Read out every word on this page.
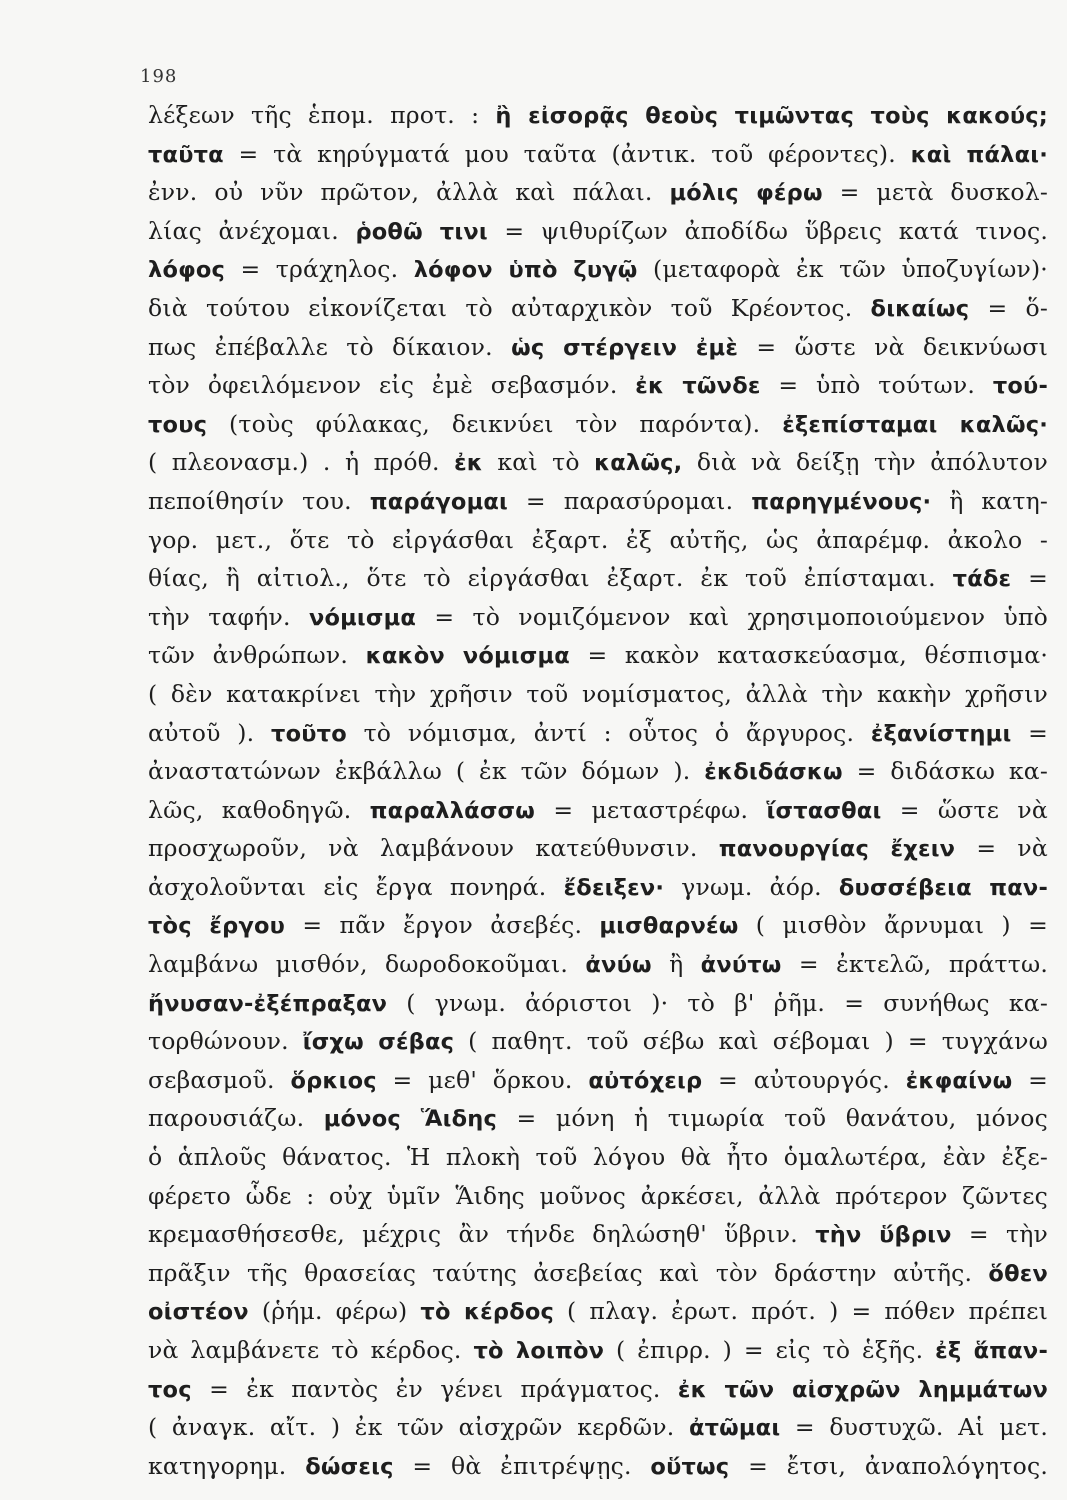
198
λέξεων τῆς ἑπομ. προτ. : ἢ εἰσορᾷς θεοὺς τιμῶντας τοὺς κακούς;
ταῦτα = τὰ κηρύγματά μου ταῦτα (ἀντικ. τοῦ φέροντες). καὶ πάλαι·
ἐνν. οὐ νῦν πρῶτον, ἀλλὰ καὶ πάλαι. μόλις φέρω = μετὰ δυσκολ-
λίας ἀνέχομαι. ῥοθῶ τινι = ψιθυρίζων ἀποδίδω ὕβρεις κατά τινος.
λόφος = τράχηλος. λόφον ὑπὸ ζυγῷ (μεταφορὰ ἐκ τῶν ὑποζυγίων)·
διὰ τούτου εἰκονίζεται τὸ αὐταρχικὸν τοῦ Κρέοντος. δικαίως = ὅ-
πως ἐπέβαλλε τὸ δίκαιον. ὡς στέργειν ἐμὲ = ὥστε νὰ δεικνύωσι
τὸν ὀφειλόμενον εἰς ἐμὲ σεβασμόν. ἐκ τῶνδε = ὑπὸ τούτων. τού-
τους (τοὺς φύλακας, δεικνύει τὸν παρόντα). ἐξεπίσταμαι καλῶς·
( πλεονασμ.) . ἡ πρόθ. ἐκ καὶ τὸ καλῶς, διὰ νὰ δείξῃ τὴν ἀπόλυτον
πεποίθησίν του. παράγομαι = παρασύρομαι. παρηγμένους· ἢ κατη-
γορ. μετ., ὅτε τὸ εἰργάσθαι ἐξαρτ. ἐξ αὐτῆς, ὡς ἀπαρέμφ. ἀκολο -
θίας, ἢ αἰτιολ., ὅτε τὸ εἰργάσθαι ἐξαρτ. ἐκ τοῦ ἐπίσταμαι. τάδε =
τὴν ταφήν. νόμισμα = τὸ νομιζόμενον καὶ χρησιμοποιούμενον ὑπὸ
τῶν ἀνθρώπων. κακὸν νόμισμα = κακὸν κατασκεύασμα, θέσπισμα·
( δὲν κατακρίνει τὴν χρῆσιν τοῦ νομίσματος, ἀλλὰ τὴν κακὴν χρῆσιν
αὐτοῦ ). τοῦτο τὸ νόμισμα, ἀντί : οὗτος ὁ ἄργυρος. ἐξανίστημι =
ἀναστατώνων ἐκβάλλω ( ἐκ τῶν δόμων ). ἐκδιδάσκω = διδάσκω κα-
λῶς, καθοδηγῶ. παραλλάσσω = μεταστρέφω. ἵστασθαι = ὥστε νὰ
προσχωροῦν, νὰ λαμβάνουν κατεύθυνσιν. πανουργίας ἔχειν = νὰ
ἀσχολοῦνται εἰς ἔργα πονηρά. ἔδειξεν· γνωμ. ἀόρ. δυσσέβεια παν-
τὸς ἔργου = πᾶν ἔργον ἀσεβές. μισθαρνέω ( μισθὸν ἄρνυμαι ) =
λαμβάνω μισθόν, δωροδοκοῦμαι. ἀνύω ἢ ἀνύτω = ἐκτελῶ, πράττω.
ἤνυσαν-ἐξέπραξαν ( γνωμ. ἀόριστοι )· τὸ β' ῥῆμ. = συνήθως κα-
τορθώνουν. ἴσχω σέβας ( παθητ. τοῦ σέβω καὶ σέβομαι ) = τυγχάνω
σεβασμοῦ. ὅρκιος = μεθ' ὅρκου. αὐτόχειρ = αὐτουργός. ἐκφαίνω =
παρουσιάζω. μόνος Ἅιδης = μόνη ἡ τιμωρία τοῦ θανάτου, μόνος
ὁ ἁπλοῦς θάνατος. Ἡ πλοκὴ τοῦ λόγου θὰ ἦτο ὁμαλωτέρα, ἐὰν ἐξε-
φέρετο ὧδε : οὐχ ὑμῖν Ἅιδης μοῦνος ἀρκέσει, ἀλλὰ πρότερον ζῶντες
κρεμασθήσεσθε, μέχρις ἂν τήνδε δηλώσηθ' ὕβριν. τὴν ὕβριν = τὴν
πρᾶξιν τῆς θρασείας ταύτης ἀσεβείας καὶ τὸν δράστην αὐτῆς. ὅθεν
οἰστέον (ῥήμ. φέρω) τὸ κέρδος ( πλαγ. ἐρωτ. πρότ. ) = πόθεν πρέπει
νὰ λαμβάνετε τὸ κέρδος. τὸ λοιπὸν ( ἐπιρρ. ) = εἰς τὸ ἑξῆς. ἐξ ἅπαν-
τος = ἐκ παντὸς ἐν γένει πράγματος. ἐκ τῶν αἰσχρῶν λημμάτων
( ἀναγκ. αἴτ. ) ἐκ τῶν αἰσχρῶν κερδῶν. ἀτῶμαι = δυστυχῶ. Αἱ μετ.
κατηγορημ. δώσεις = θὰ ἐπιτρέψῃς. οὕτως = ἔτσι, ἀναπολόγητος.
